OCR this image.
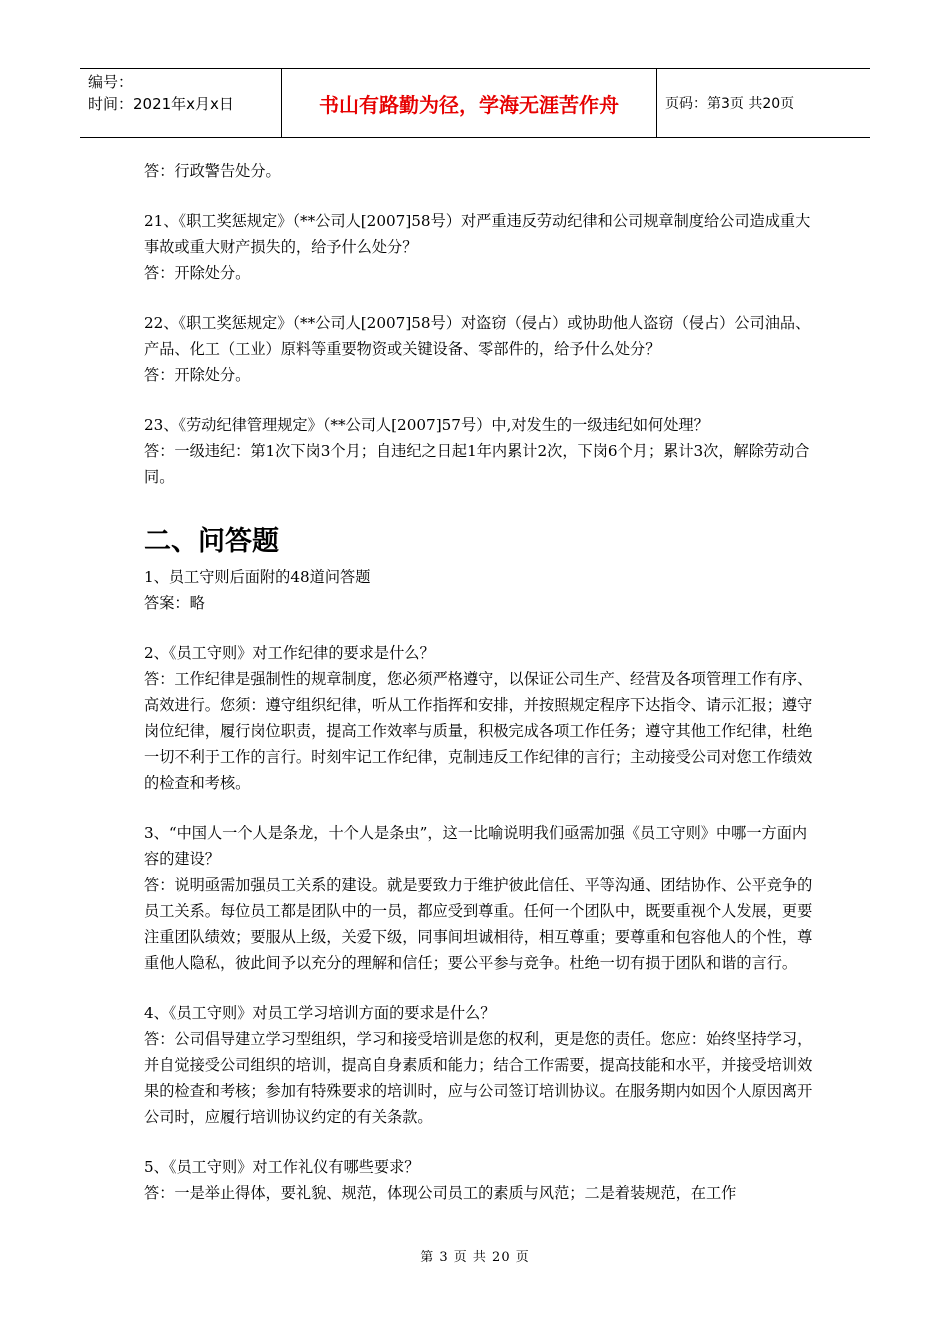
编号：
时间：2021年x月x日	书山有路勤为径，学海无涯苦作舟	页码：第3页 共20页
答：行政警告处分。
21、《职工奖惩规定》（**公司人[2007]58号）对严重违反劳动纪律和公司规章制度给公司造成重大事故或重大财产损失的，给予什么处分？
答：开除处分。
22、《职工奖惩规定》（**公司人[2007]58号）对盗窃（侵占）或协助他人盗窃（侵占）公司油品、产品、化工（工业）原料等重要物资或关键设备、零部件的，给予什么处分？
答：开除处分。
23、《劳动纪律管理规定》（**公司人[2007]57号）中,对发生的一级违纪如何处理？
答：一级违纪：第1次下岗3个月；自违纪之日起1年内累计2次，下岗6个月；累计3次，解除劳动合同。
二、问答题
1、员工守则后面附的48道问答题
答案：略
2、《员工守则》对工作纪律的要求是什么？
答：工作纪律是强制性的规章制度，您必须严格遵守，以保证公司生产、经营及各项管理工作有序、高效进行。您须：遵守组织纪律，听从工作指挥和安排，并按照规定程序下达指令、请示汇报；遵守岗位纪律，履行岗位职责，提高工作效率与质量，积极完成各项工作任务；遵守其他工作纪律，杜绝一切不利于工作的言行。时刻牢记工作纪律，克制违反工作纪律的言行；主动接受公司对您工作绩效的检查和考核。
3、“中国人一个人是条龙，十个人是条虫”，这一比喻说明我们亟需加强《员工守则》中哪一方面内容的建设？
答：说明亟需加强员工关系的建设。就是要致力于维护彼此信任、平等沟通、团结协作、公平竞争的员工关系。每位员工都是团队中的一员，都应受到尊重。任何一个团队中，既要重视个人发展，更要注重团队绩效；要服从上级，关爱下级，同事间坦诚相待，相互尊重；要尊重和包容他人的个性，尊重他人隐私，彼此间予以充分的理解和信任；要公平参与竞争。杜绝一切有损于团队和谐的言行。
4、《员工守则》对员工学习培训方面的要求是什么？
答：公司倡导建立学习型组织，学习和接受培训是您的权利，更是您的责任。您应：始终坚持学习，并自觉接受公司组织的培训，提高自身素质和能力；结合工作需要，提高技能和水平，并接受培训效果的检查和考核；参加有特殊要求的培训时，应与公司签订培训协议。在服务期内如因个人原因离开公司时，应履行培训协议约定的有关条款。
5、《员工守则》对工作礼仪有哪些要求？
答：一是举止得体，要礼貌、规范，体现公司员工的素质与风范；二是着装规范，在工作
第 3 页 共 20 页
